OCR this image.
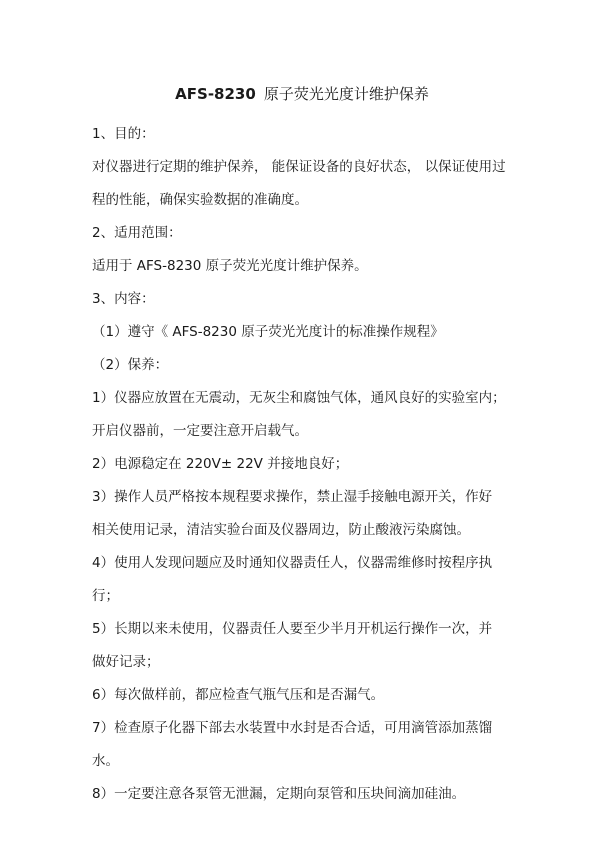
AFS-8230 原子荧光光度计维护保养

1、目的：

对仪器进行定期的维护保养， 能保证设备的良好状态， 以保证使用过

程的性能，确保实验数据的准确度。

2、适用范围：

适用于 AFS-8230 原子荧光光度计维护保养。

3、内容：

（1）遵守《 AFS-8230 原子荧光光度计的标准操作规程》

（2）保养：

1）仪器应放置在无震动，无灰尘和腐蚀气体，通风良好的实验室内；

开启仪器前，一定要注意开启载气。

2）电源稳定在 220V± 22V 并接地良好；

3）操作人员严格按本规程要求操作，禁止湿手接触电源开关，作好

相关使用记录，清洁实验台面及仪器周边，防止酸液污染腐蚀。

4）使用人发现问题应及时通知仪器责任人，仪器需维修时按程序执

行；

5）长期以来未使用，仪器责任人要至少半月开机运行操作一次，并

做好记录；

6）每次做样前，都应检查气瓶气压和是否漏气。

7）检查原子化器下部去水装置中水封是否合适，可用滴管添加蒸馏

水。

8）一定要注意各泵管无泄漏，定期向泵管和压块间滴加硅油。
